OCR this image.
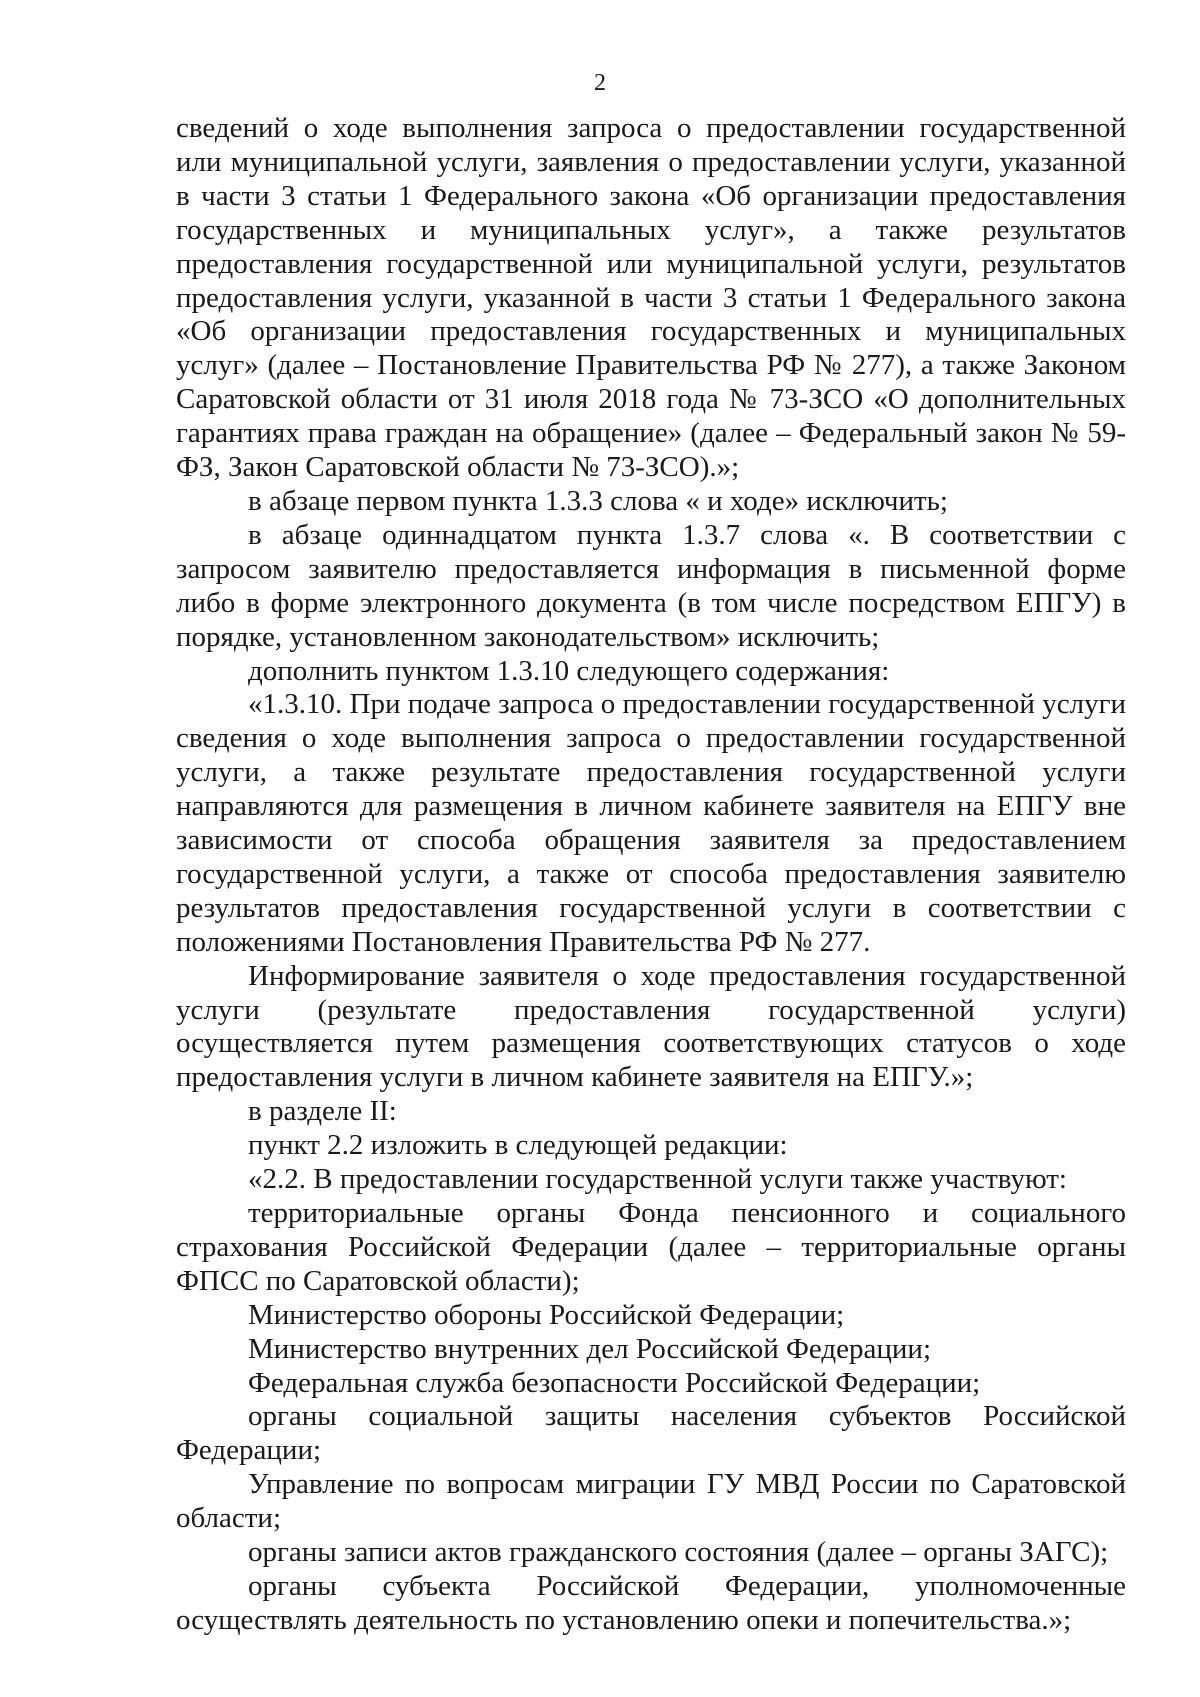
2

сведений о ходе выполнения запроса о предоставлении государственной или муниципальной услуги, заявления о предоставлении услуги, указанной в части 3 статьи 1 Федерального закона «Об организации предоставления государственных и муниципальных услуг», а также результатов предоставления государственной или муниципальной услуги, результатов предоставления услуги, указанной в части 3 статьи 1 Федерального закона «Об организации предоставления государственных и муниципальных услуг» (далее – Постановление Правительства РФ № 277), а также Законом Саратовской области от 31 июля 2018 года № 73-ЗСО «О дополнительных гарантиях права граждан на обращение» (далее – Федеральный закон № 59-ФЗ, Закон Саратовской области № 73-ЗСО).»;

в абзаце первом пункта 1.3.3 слова « и ходе» исключить;

в абзаце одиннадцатом пункта 1.3.7 слова «. В соответствии с запросом заявителю предоставляется информация в письменной форме либо в форме электронного документа (в том числе посредством ЕПГУ) в порядке, установленном законодательством» исключить;

дополнить пунктом 1.3.10 следующего содержания:

«1.3.10. При подаче запроса о предоставлении государственной услуги сведения о ходе выполнения запроса о предоставлении государственной услуги, а также результате предоставления государственной услуги направляются для размещения в личном кабинете заявителя на ЕПГУ вне зависимости от способа обращения заявителя за предоставлением государственной услуги, а также от способа предоставления заявителю результатов предоставления государственной услуги в соответствии с положениями Постановления Правительства РФ № 277.

Информирование заявителя о ходе предоставления государственной услуги (результате предоставления государственной услуги) осуществляется путем размещения соответствующих статусов о ходе предоставления услуги в личном кабинете заявителя на ЕПГУ.»;

в разделе II:

пункт 2.2 изложить в следующей редакции:

«2.2. В предоставлении государственной услуги также участвуют:

территориальные органы Фонда пенсионного и социального страхования Российской Федерации (далее – территориальные органы ФПСС по Саратовской области);

Министерство обороны Российской Федерации;

Министерство внутренних дел Российской Федерации;

Федеральная служба безопасности Российской Федерации;

органы социальной защиты населения субъектов Российской Федерации;

Управление по вопросам миграции ГУ МВД России по Саратовской области;

органы записи актов гражданского состояния (далее – органы ЗАГС);

органы субъекта Российской Федерации, уполномоченные осуществлять деятельность по установлению опеки и попечительства.»;
